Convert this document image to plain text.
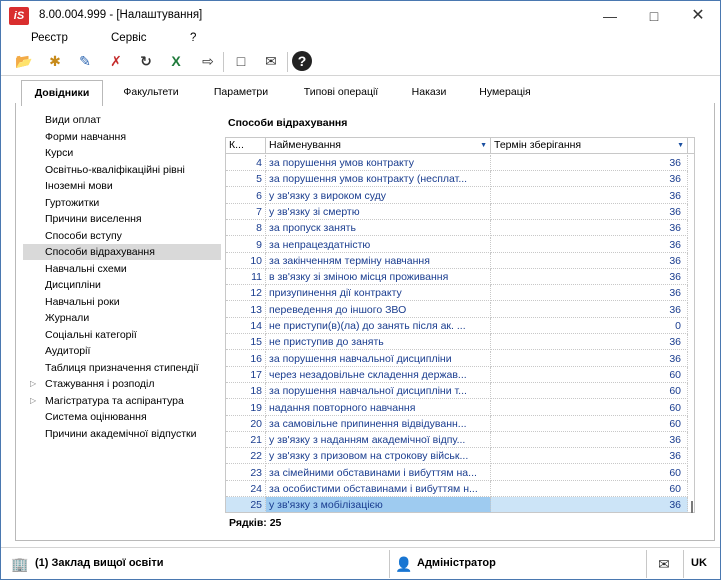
iS	8.00.004.999 - [Налаштування]	—	□	✕
Реєстр	Сервіс	?
📂	✱	✎	✗	↻	X	⇨	□	✉	?
Довідники	Факультети	Параметри	Типові операції	Накази	Нумерація
Види оплат
Форми навчання
Курси
Освітньо-кваліфікаційні рівні
Іноземні мови
Гуртожитки
Причини виселення
Способи вступу
Способи відрахування
Навчальні схеми
Дисципліни
Навчальні роки
Журнали
Соціальні категорії
Аудиторії
Таблиця призначення стипендії
▷ Стажування і розподіл
▷ Магістратура та аспірантура
Система оцінювання
Причини академічної відпустки
Способи відрахування
К...	Найменування	▼ Термін зберігання	▼
4 за порушення умов контракту	36
5 за порушення умов контракту (несплат...	36
6 у зв'язку з вироком суду	36
7 у зв'язку зі смертю	36
8 за пропуск занять	36
9 за непрацездатністю	36
10 за закінченням терміну навчання	36
11 в зв'язку зі зміною місця проживання	36
12 призупинення дії контракту	36
13 переведення до іншого ЗВО	36
14 не приступи(в)(ла) до занять після ак. ...	0
15 не приступив до занять	36
16 за порушення навчальної дисципліни	36
17 через незадовільне складення держав...	60
18 за порушення навчальної дисципліни т...	60
19 надання повторного навчання	60
20 за самовільне припинення відвідуванн...	60
21 у зв'язку з наданням академічної відпу...	36
22 у зв'язку з призовом на строкову військ...	36
23 за сімейними обставинами і вибуттям на...	60
24 за особистими обставинами і вибуттям н...	60
25 у зв'язку з мобілізацією	36
Рядків: 25
🏢 (1) Заклад вищої освіти	👤 Адміністратор	✉	UK
